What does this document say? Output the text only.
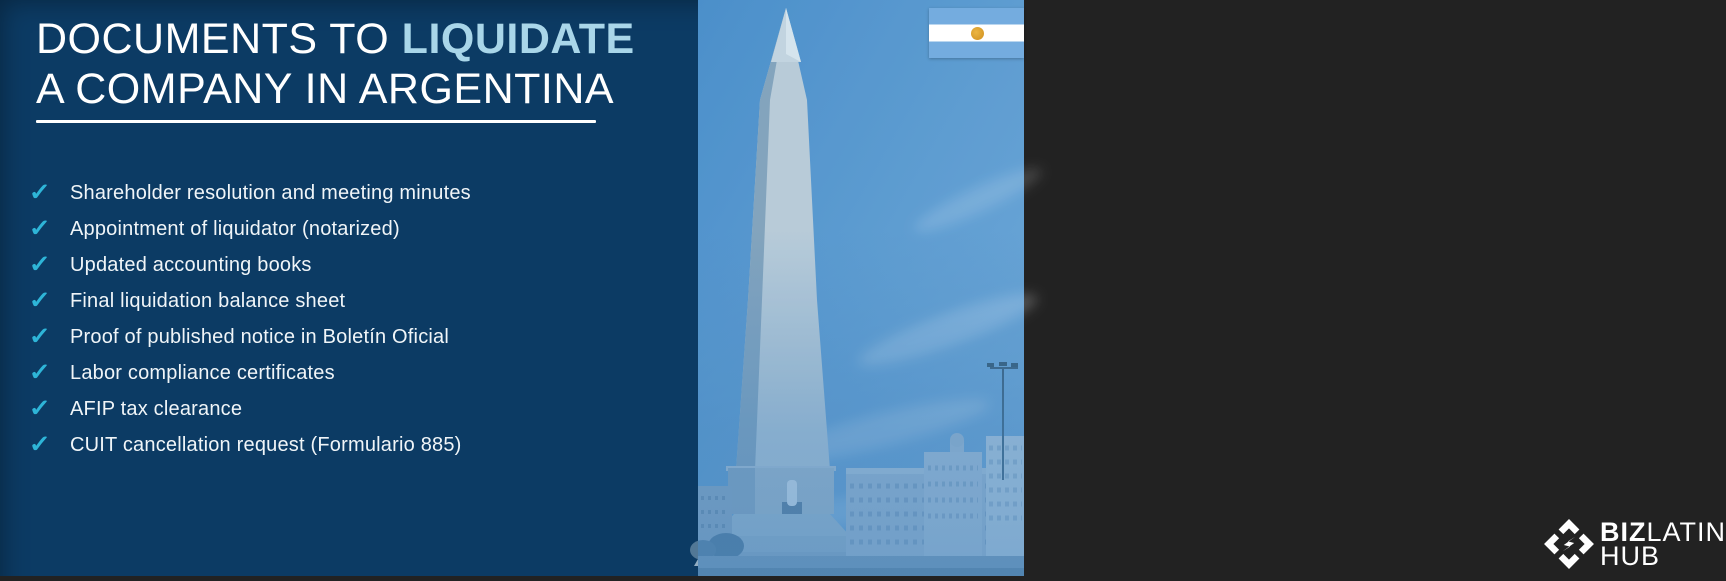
DOCUMENTS TO LIQUIDATE
A COMPANY IN ARGENTINA
✓ Shareholder resolution and meeting minutes
✓ Appointment of liquidator (notarized)
✓ Updated accounting books
✓ Final liquidation balance sheet
✓ Proof of published notice in Boletín Oficial
✓ Labor compliance certificates
✓ AFIP tax clearance
✓ CUIT cancellation request (Formulario 885)
BIZLATIN
HUB
